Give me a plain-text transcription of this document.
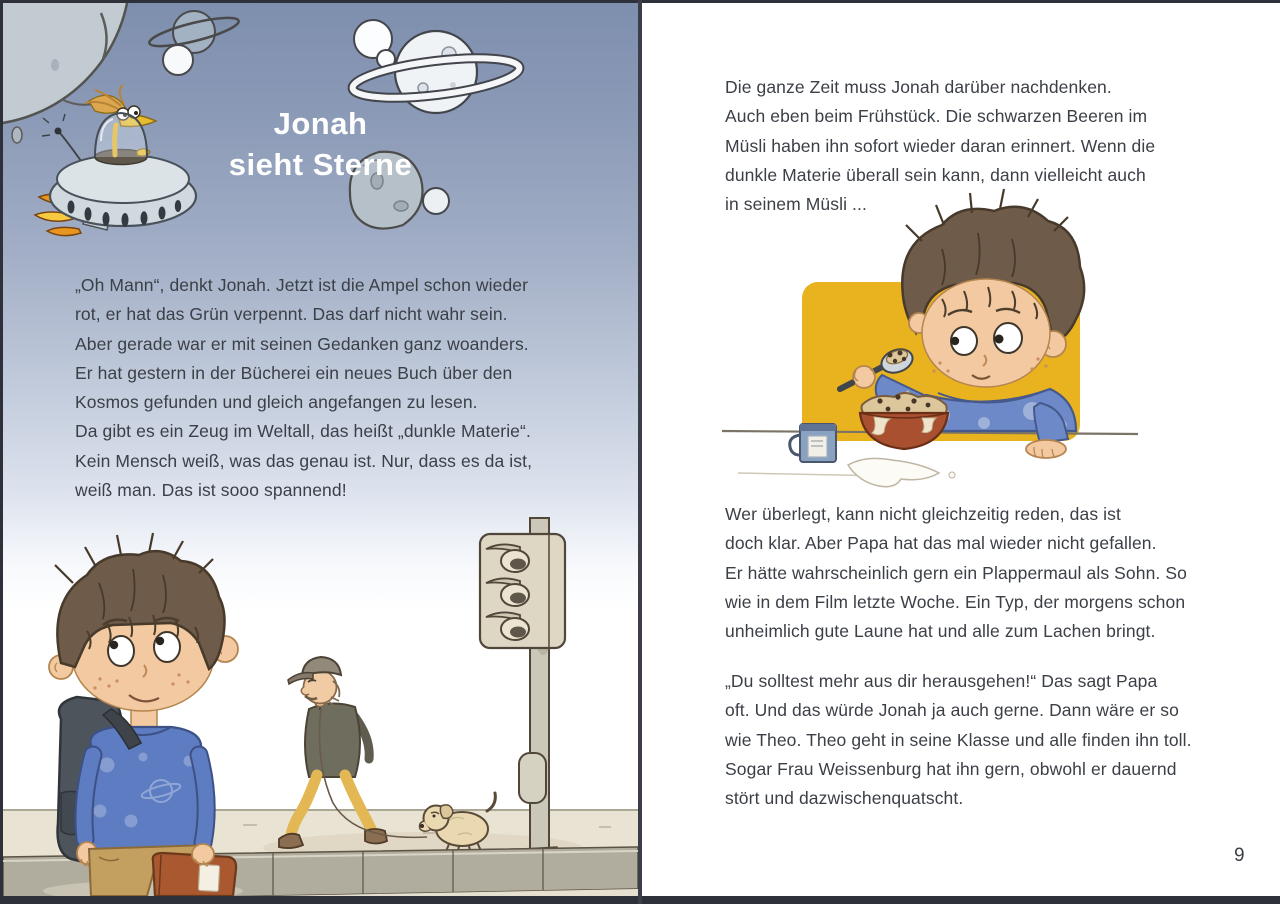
Jonah
sieht Sterne
„Oh Mann“, denkt Jonah. Jetzt ist die Ampel schon wieder
rot, er hat das Grün verpennt. Das darf nicht wahr sein.
Aber gerade war er mit seinen Gedanken ganz woanders.
Er hat gestern in der Bücherei ein neues Buch über den
Kosmos gefunden und gleich angefangen zu lesen.
Da gibt es ein Zeug im Weltall, das heißt „dunkle Materie“.
Kein Mensch weiß, was das genau ist. Nur, dass es da ist,
weiß man. Das ist sooo spannend!
Die ganze Zeit muss Jonah darüber nachdenken.
Auch eben beim Frühstück. Die schwarzen Beeren im
Müsli haben ihn sofort wieder daran erinnert. Wenn die
dunkle Materie überall sein kann, dann vielleicht auch
in seinem Müsli ...
Wer überlegt, kann nicht gleichzeitig reden, das ist
doch klar. Aber Papa hat das mal wieder nicht gefallen.
Er hätte wahrscheinlich gern ein Plappermaul als Sohn. So
wie in dem Film letzte Woche. Ein Typ, der morgens schon
unheimlich gute Laune hat und alle zum Lachen bringt.
„Du solltest mehr aus dir herausgehen!“ Das sagt Papa
oft. Und das würde Jonah ja auch gerne. Dann wäre er so
wie Theo. Theo geht in seine Klasse und alle finden ihn toll.
Sogar Frau Weissenburg hat ihn gern, obwohl er dauernd
stört und dazwischenquatscht.
9
